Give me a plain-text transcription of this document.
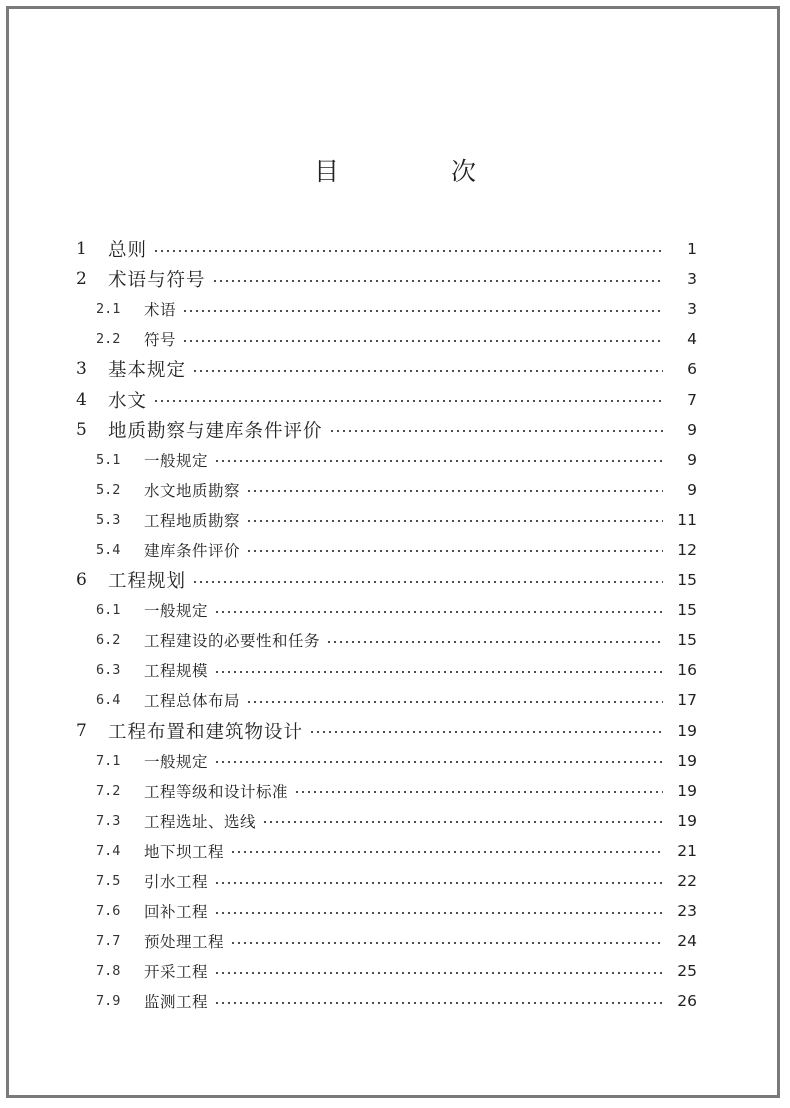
目 次
1	总则	1
2	术语与符号	3
2.1	术语	3
2.2	符号	4
3	基本规定	6
4	水文	7
5	地质勘察与建库条件评价	9
5.1	一般规定	9
5.2	水文地质勘察	9
5.3	工程地质勘察	11
5.4	建库条件评价	12
6	工程规划	15
6.1	一般规定	15
6.2	工程建设的必要性和任务	15
6.3	工程规模	16
6.4	工程总体布局	17
7	工程布置和建筑物设计	19
7.1	一般规定	19
7.2	工程等级和设计标准	19
7.3	工程选址、选线	19
7.4	地下坝工程	21
7.5	引水工程	22
7.6	回补工程	23
7.7	预处理工程	24
7.8	开采工程	25
7.9	监测工程	26
